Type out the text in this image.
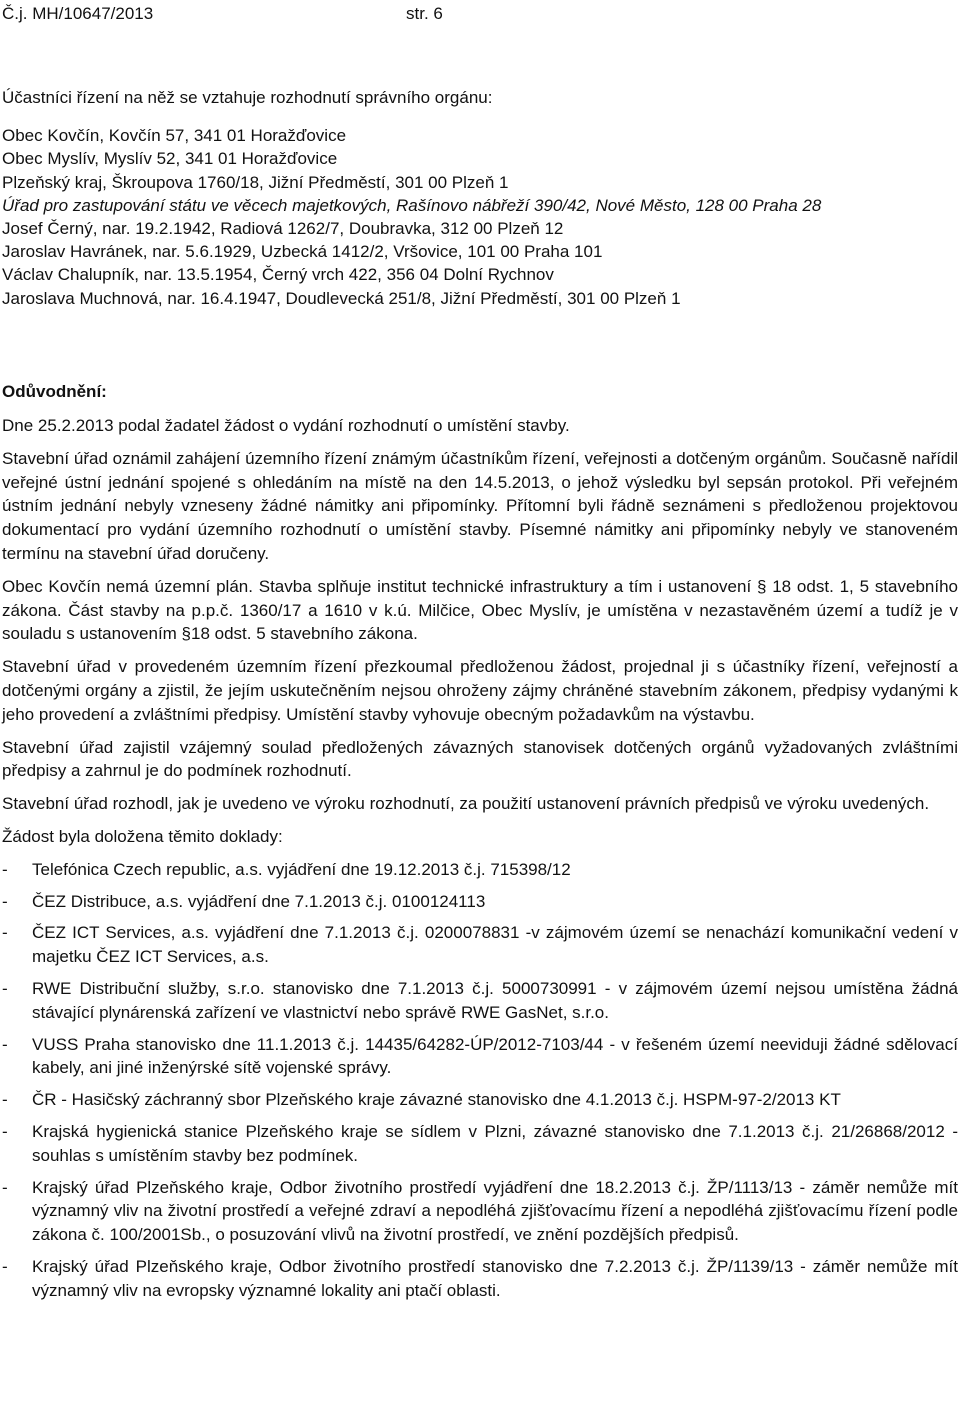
Č.j. MH/10647/2013	str. 6
Účastníci řízení na něž se vztahuje rozhodnutí správního orgánu:
Obec Kovčín, Kovčín 57, 341 01 Horažďovice
Obec Myslív, Myslív 52, 341 01 Horažďovice
Plzeňský kraj, Škroupova 1760/18, Jižní Předměstí, 301 00 Plzeň 1
Úřad pro zastupování státu ve věcech majetkových, Rašínovo nábřeží 390/42, Nové Město, 128 00 Praha 28
Josef Černý, nar. 19.2.1942, Radiová 1262/7, Doubravka, 312 00 Plzeň 12
Jaroslav Havránek, nar. 5.6.1929, Uzbecká 1412/2, Vršovice, 101 00 Praha 101
Václav Chalupník, nar. 13.5.1954, Černý vrch 422, 356 04 Dolní Rychnov
Jaroslava Muchnová, nar. 16.4.1947, Doudlevecká 251/8, Jižní Předměstí, 301 00 Plzeň 1
Odůvodnění:

Dne 25.2.2013 podal žadatel žádost o vydání rozhodnutí o umístění stavby.

Stavební úřad oznámil zahájení územního řízení známým účastníkům řízení, veřejnosti a dotčeným orgánům. Současně nařídil veřejné ústní jednání spojené s ohledáním na místě na den 14.5.2013, o jehož výsledku byl sepsán protokol. Při veřejném ústním jednání nebyly vzneseny žádné námitky ani připomínky. Přítomní byli řádně seznámeni s předloženou projektovou dokumentací pro vydání územního rozhodnutí o umístění stavby. Písemné námitky ani připomínky nebyly ve stanoveném termínu na stavební úřad doručeny.

Obec Kovčín nemá územní plán. Stavba splňuje institut technické infrastruktury a tím i ustanovení § 18 odst. 1, 5 stavebního zákona. Část stavby na p.p.č. 1360/17 a 1610 v k.ú. Milčice, Obec Myslív, je umístěna v nezastavěném území a tudíž je v souladu s ustanovením §18 odst. 5 stavebního zákona.

Stavební úřad v provedeném územním řízení přezkoumal předloženou žádost, projednal ji s účastníky řízení, veřejností a dotčenými orgány a zjistil, že jejím uskutečněním nejsou ohroženy zájmy chráněné stavebním zákonem, předpisy vydanými k jeho provedení a zvláštními předpisy. Umístění stavby vyhovuje obecným požadavkům na výstavbu.

Stavební úřad zajistil vzájemný soulad předložených závazných stanovisek dotčených orgánů vyžadovaných zvláštními předpisy a zahrnul je do podmínek rozhodnutí.

Stavební úřad rozhodl, jak je uvedeno ve výroku rozhodnutí, za použití ustanovení právních předpisů ve výroku uvedených.

Žádost byla doložena těmito doklady:

- Telefónica Czech republic, a.s. vyjádření dne 19.12.2013 č.j. 715398/12
- ČEZ Distribuce, a.s. vyjádření dne 7.1.2013 č.j. 0100124113
- ČEZ ICT Services, a.s. vyjádření dne 7.1.2013 č.j. 0200078831 -v zájmovém území se nenachází komunikační vedení v majetku ČEZ ICT Services, a.s.
- RWE Distribuční služby, s.r.o. stanovisko dne 7.1.2013 č.j. 5000730991 - v zájmovém území nejsou umístěna žádná stávající plynárenská zařízení ve vlastnictví nebo správě RWE GasNet, s.r.o.
- VUSS Praha stanovisko dne 11.1.2013 č.j. 14435/64282-ÚP/2012-7103/44 - v řešeném území neeviduji žádné sdělovací kabely, ani jiné inženýrské sítě vojenské správy.
- ČR - Hasičský záchranný sbor Plzeňského kraje závazné stanovisko dne 4.1.2013 č.j. HSPM-97-2/2013 KT
- Krajská hygienická stanice Plzeňského kraje se sídlem v Plzni, závazné stanovisko dne 7.1.2013 č.j. 21/26868/2012 - souhlas s umístěním stavby bez podmínek.
- Krajský úřad Plzeňského kraje, Odbor životního prostředí vyjádření dne 18.2.2013 č.j. ŽP/1113/13 - záměr nemůže mít významný vliv na životní prostředí a veřejné zdraví a nepodléhá zjišťovacímu řízení a nepodléhá zjišťovacímu řízení podle zákona č. 100/2001Sb., o posuzování vlivů na životní prostředí, ve znění pozdějších předpisů.
- Krajský úřad Plzeňského kraje, Odbor životního prostředí stanovisko dne 7.2.2013 č.j. ŽP/1139/13 - záměr nemůže mít významný vliv na evropsky významné lokality ani ptačí oblasti.
